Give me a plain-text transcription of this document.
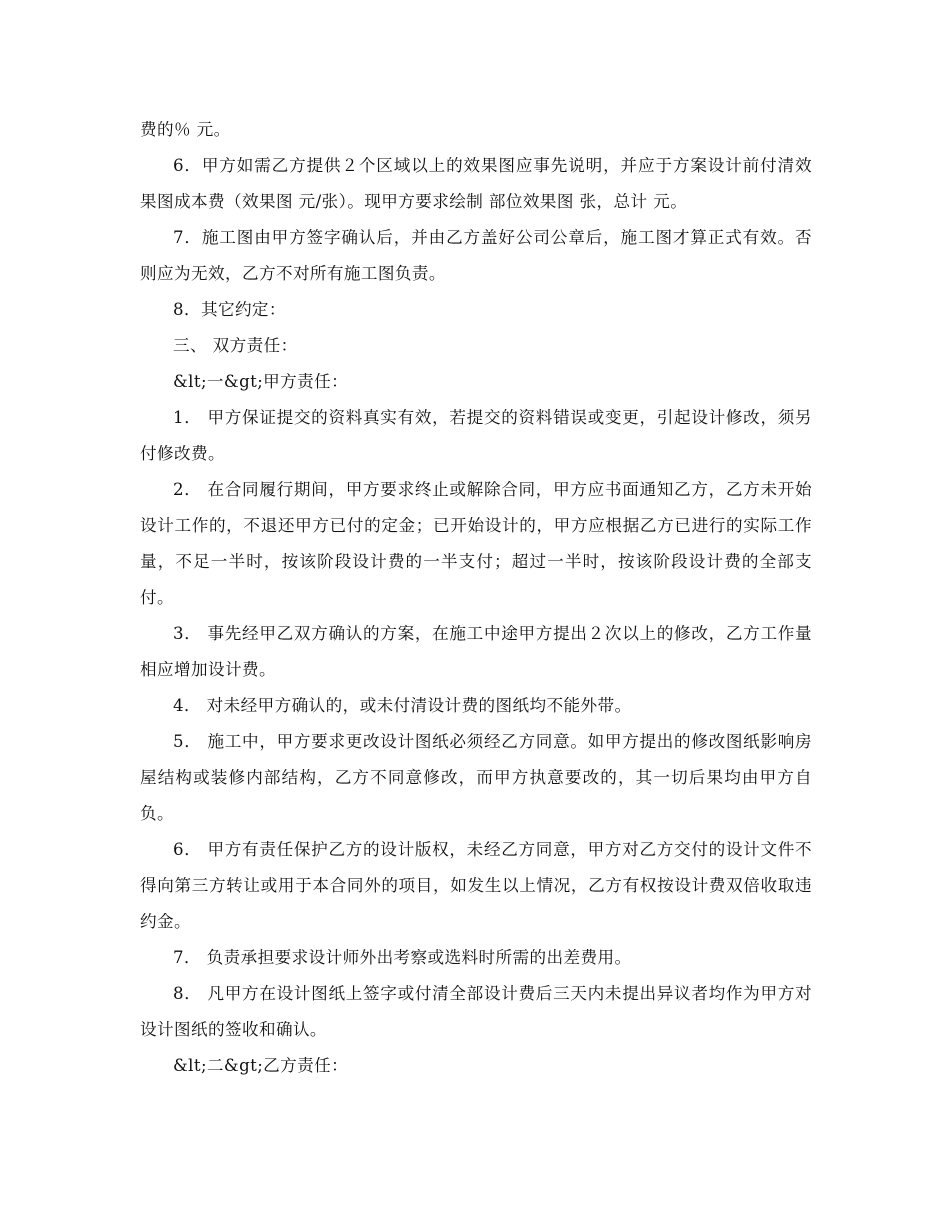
费的％ 元。

6．甲方如需乙方提供２个区域以上的效果图应事先说明，并应于方案设计前付清效果图成本费（效果图 元/张）。现甲方要求绘制 部位效果图 张，总计 元。

7．施工图由甲方签字确认后，并由乙方盖好公司公章后，施工图才算正式有效。否则应为无效，乙方不对所有施工图负责。

8．其它约定：

三、 双方责任：

&lt;一&gt;甲方责任：

1． 甲方保证提交的资料真实有效，若提交的资料错误或变更，引起设计修改，须另付修改费。

2． 在合同履行期间，甲方要求终止或解除合同，甲方应书面通知乙方，乙方未开始设计工作的，不退还甲方已付的定金；已开始设计的，甲方应根据乙方已进行的实际工作量，不足一半时，按该阶段设计费的一半支付；超过一半时，按该阶段设计费的全部支付。

3． 事先经甲乙双方确认的方案，在施工中途甲方提出２次以上的修改，乙方工作量相应增加设计费。

4． 对未经甲方确认的，或未付清设计费的图纸均不能外带。

5． 施工中，甲方要求更改设计图纸必须经乙方同意。如甲方提出的修改图纸影响房屋结构或装修内部结构，乙方不同意修改，而甲方执意要改的，其一切后果均由甲方自负。

6． 甲方有责任保护乙方的设计版权，未经乙方同意，甲方对乙方交付的设计文件不得向第三方转让或用于本合同外的项目，如发生以上情况，乙方有权按设计费双倍收取违约金。

7． 负责承担要求设计师外出考察或选料时所需的出差费用。

8． 凡甲方在设计图纸上签字或付清全部设计费后三天内未提出异议者均作为甲方对设计图纸的签收和确认。

&lt;二&gt;乙方责任：
